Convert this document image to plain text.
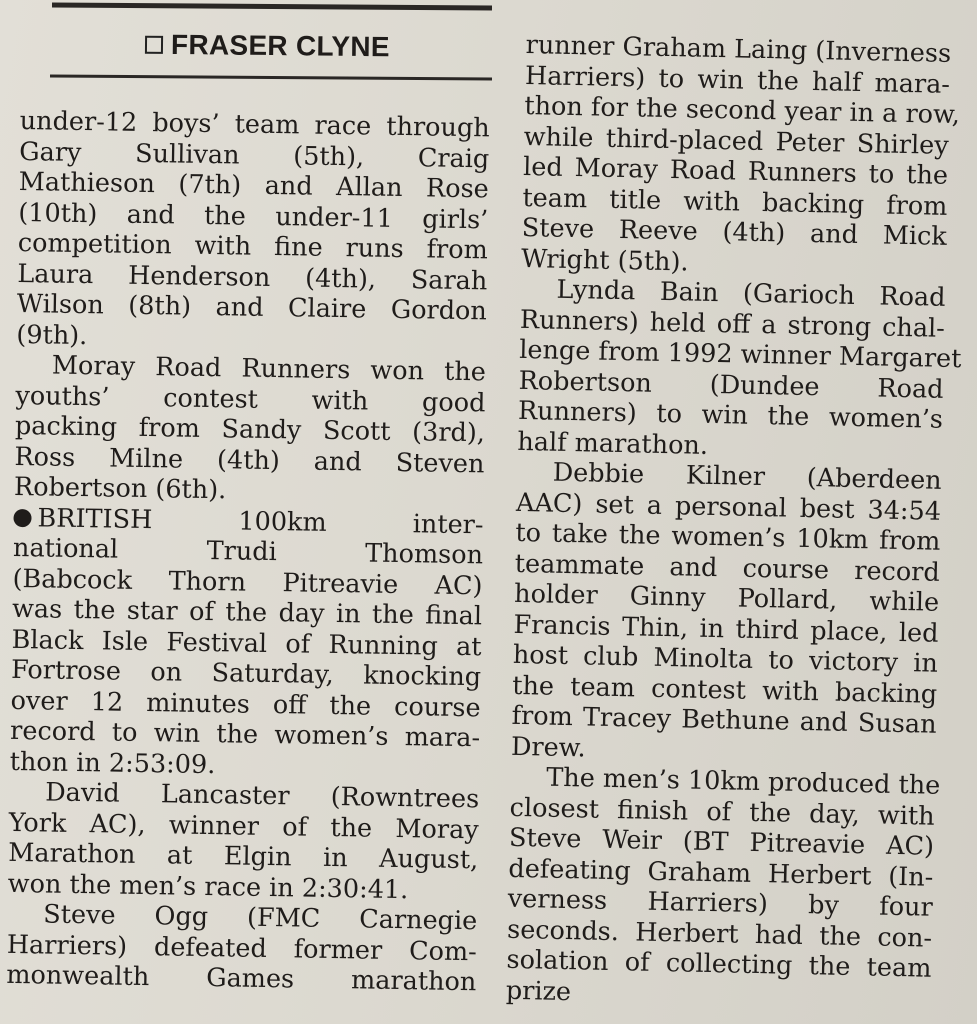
FRASER CLYNE
under-12 boys’ team race through
Gary Sullivan (5th), Craig
Mathieson (7th) and Allan Rose
(10th) and the under-11 girls’
competition with fine runs from
Laura Henderson (4th), Sarah
Wilson (8th) and Claire Gordon
(9th).
Moray Road Runners won the
youths’ contest with good
packing from Sandy Scott (3rd),
Ross Milne (4th) and Steven
Robertson (6th).
BRITISH 100km inter-
national Trudi Thomson
(Babcock Thorn Pitreavie AC)
was the star of the day in the final
Black Isle Festival of Running at
Fortrose on Saturday, knocking
over 12 minutes off the course
record to win the women’s mara-
thon in 2:53:09.
David Lancaster (Rowntrees
York AC), winner of the Moray
Marathon at Elgin in August,
won the men’s race in 2:30:41.
Steve Ogg (FMC Carnegie
Harriers) defeated former Com-
monwealth Games marathon
runner Graham Laing (Inverness
Harriers) to win the half mara-
thon for the second year in a row,
while third-placed Peter Shirley
led Moray Road Runners to the
team title with backing from
Steve Reeve (4th) and Mick
Wright (5th).
Lynda Bain (Garioch Road
Runners) held off a strong chal-
lenge from 1992 winner Margaret
Robertson (Dundee Road
Runners) to win the women’s
half marathon.
Debbie Kilner (Aberdeen
AAC) set a personal best 34:54
to take the women’s 10km from
teammate and course record
holder Ginny Pollard, while
Francis Thin, in third place, led
host club Minolta to victory in
the team contest with backing
from Tracey Bethune and Susan
Drew.
The men’s 10km produced the
closest finish of the day, with
Steve Weir (BT Pitreavie AC)
defeating Graham Herbert (In-
verness Harriers) by four
seconds. Herbert had the con-
solation of collecting the team
prize
